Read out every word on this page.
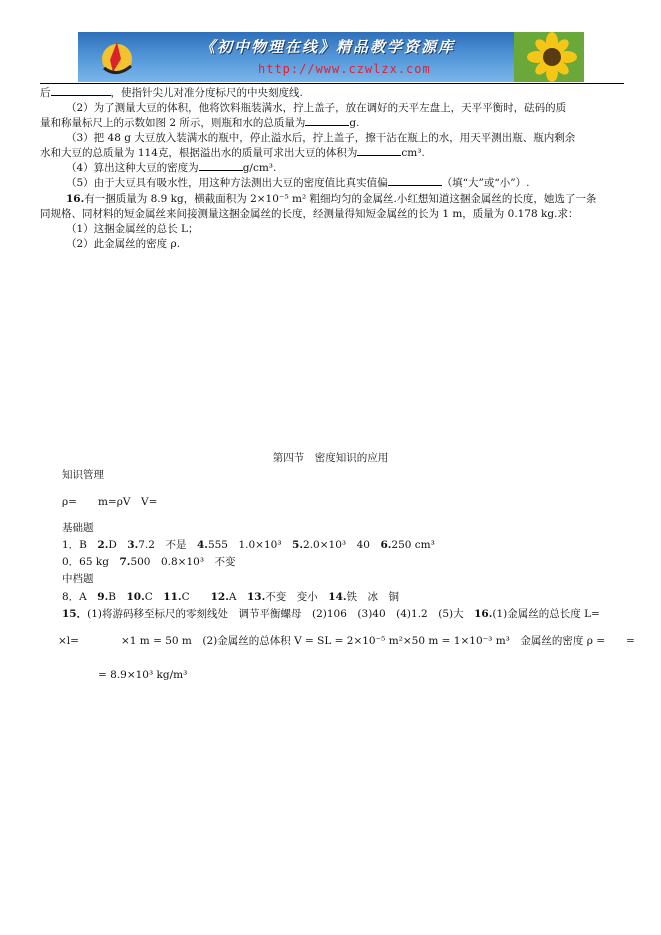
《初中物理在线》精品教学资源库
http://www.czwlzx.com
后	，使指针尖儿对准分度标尺的中央刻度线.
（2）为了测量大豆的体积，他将饮料瓶装满水，拧上盖子，放在调好的天平左盘上，天平平衡时，砝码的质
量和称量标尺上的示数如图 2 所示，则瓶和水的总质量为	g.
（3）把 48 g 大豆放入装满水的瓶中，停止溢水后，拧上盖子，擦干沾在瓶上的水，用天平测出瓶、瓶内剩余
水和大豆的总质量为 114克，根据溢出水的质量可求出大豆的体积为	cm³.
（4）算出这种大豆的密度为	g/cm³.
（5）由于大豆具有吸水性，用这种方法测出大豆的密度值比真实值偏	（填“大”或“小”）.
16.有一捆质量为 8.9 kg，横截面积为 2×10⁻⁵ m² 粗细均匀的金属丝.小红想知道这捆金属丝的长度，她选了一条
同规格、同材料的短金属丝来间接测量这捆金属丝的长度，经测量得知短金属丝的长为 1 m，质量为 0.178 kg.求：
（1）这捆金属丝的总长 L；
（2）此金属丝的密度 ρ.
第四节　密度知识的应用
知识管理
ρ=　　m=ρV　V=
基础题
1．B　2.D　3.7.2　不是　4.555　1.0×10³　5.2.0×10³　40　6.250 cm³
0．65 kg　7.500　0.8×10³　不变
中档题
8．A　9.B　10.C　11.C　　12.A　13.不变　变小　14.铁　冰　铜
15．(1)将游码移至标尺的零刻线处　调节平衡螺母　(2)106　(3)40　(4)1.2　(5)大　16.(1)金属丝的总长度 L=
×l=　　　　×1 m = 50 m　(2)金属丝的总体积 V = SL = 2×10⁻⁵ m²×50 m = 1×10⁻³ m³　金属丝的密度 ρ =　　=
= 8.9×10³ kg/m³
